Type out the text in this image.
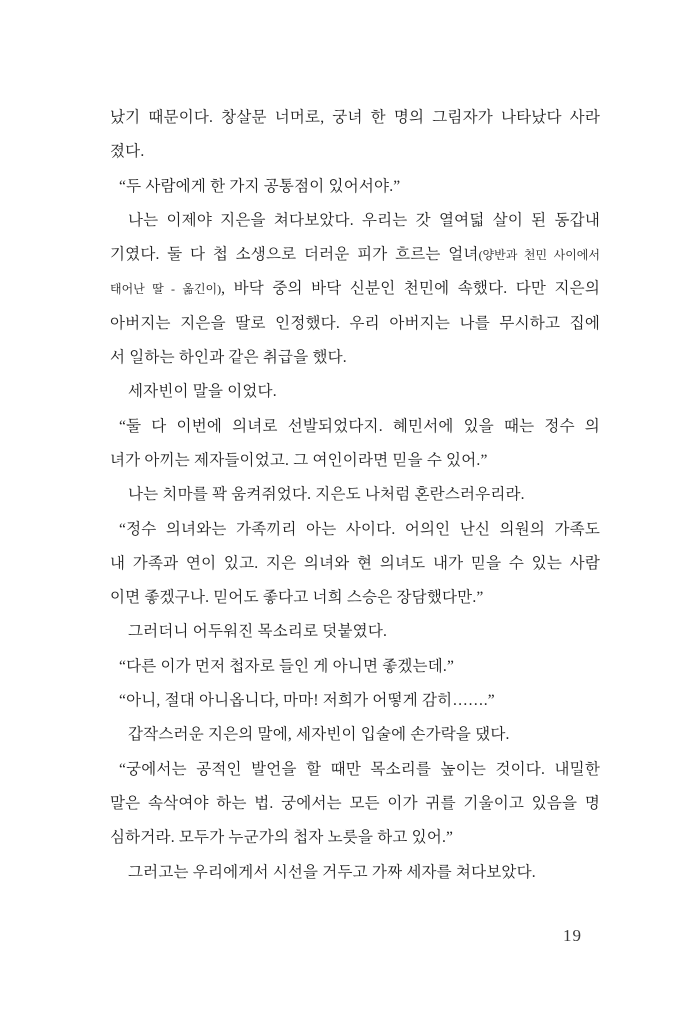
났기 때문이다. 창살문 너머로, 궁녀 한 명의 그림자가 나타났다 사라
졌다.
“두 사람에게 한 가지 공통점이 있어서야.”
나는 이제야 지은을 쳐다보았다. 우리는 갓 열여덟 살이 된 동갑내
기였다. 둘 다 첩 소생으로 더러운 피가 흐르는 얼녀(양반과 천민 사이에서
태어난 딸 - 옮긴이), 바닥 중의 바닥 신분인 천민에 속했다. 다만 지은의
아버지는 지은을 딸로 인정했다. 우리 아버지는 나를 무시하고 집에
서 일하는 하인과 같은 취급을 했다.
세자빈이 말을 이었다.
“둘 다 이번에 의녀로 선발되었다지. 혜민서에 있을 때는 정수 의
녀가 아끼는 제자들이었고. 그 여인이라면 믿을 수 있어.”
나는 치마를 꽉 움켜쥐었다. 지은도 나처럼 혼란스러우리라.
“정수 의녀와는 가족끼리 아는 사이다. 어의인 난신 의원의 가족도
내 가족과 연이 있고. 지은 의녀와 현 의녀도 내가 믿을 수 있는 사람
이면 좋겠구나. 믿어도 좋다고 너희 스승은 장담했다만.”
그러더니 어두워진 목소리로 덧붙였다.
“다른 이가 먼저 첩자로 들인 게 아니면 좋겠는데.”
“아니, 절대 아니옵니다, 마마! 저희가 어떻게 감히…….”
갑작스러운 지은의 말에, 세자빈이 입술에 손가락을 댔다.
“궁에서는 공적인 발언을 할 때만 목소리를 높이는 것이다. 내밀한
말은 속삭여야 하는 법. 궁에서는 모든 이가 귀를 기울이고 있음을 명
심하거라. 모두가 누군가의 첩자 노릇을 하고 있어.”
그러고는 우리에게서 시선을 거두고 가짜 세자를 쳐다보았다.
19
